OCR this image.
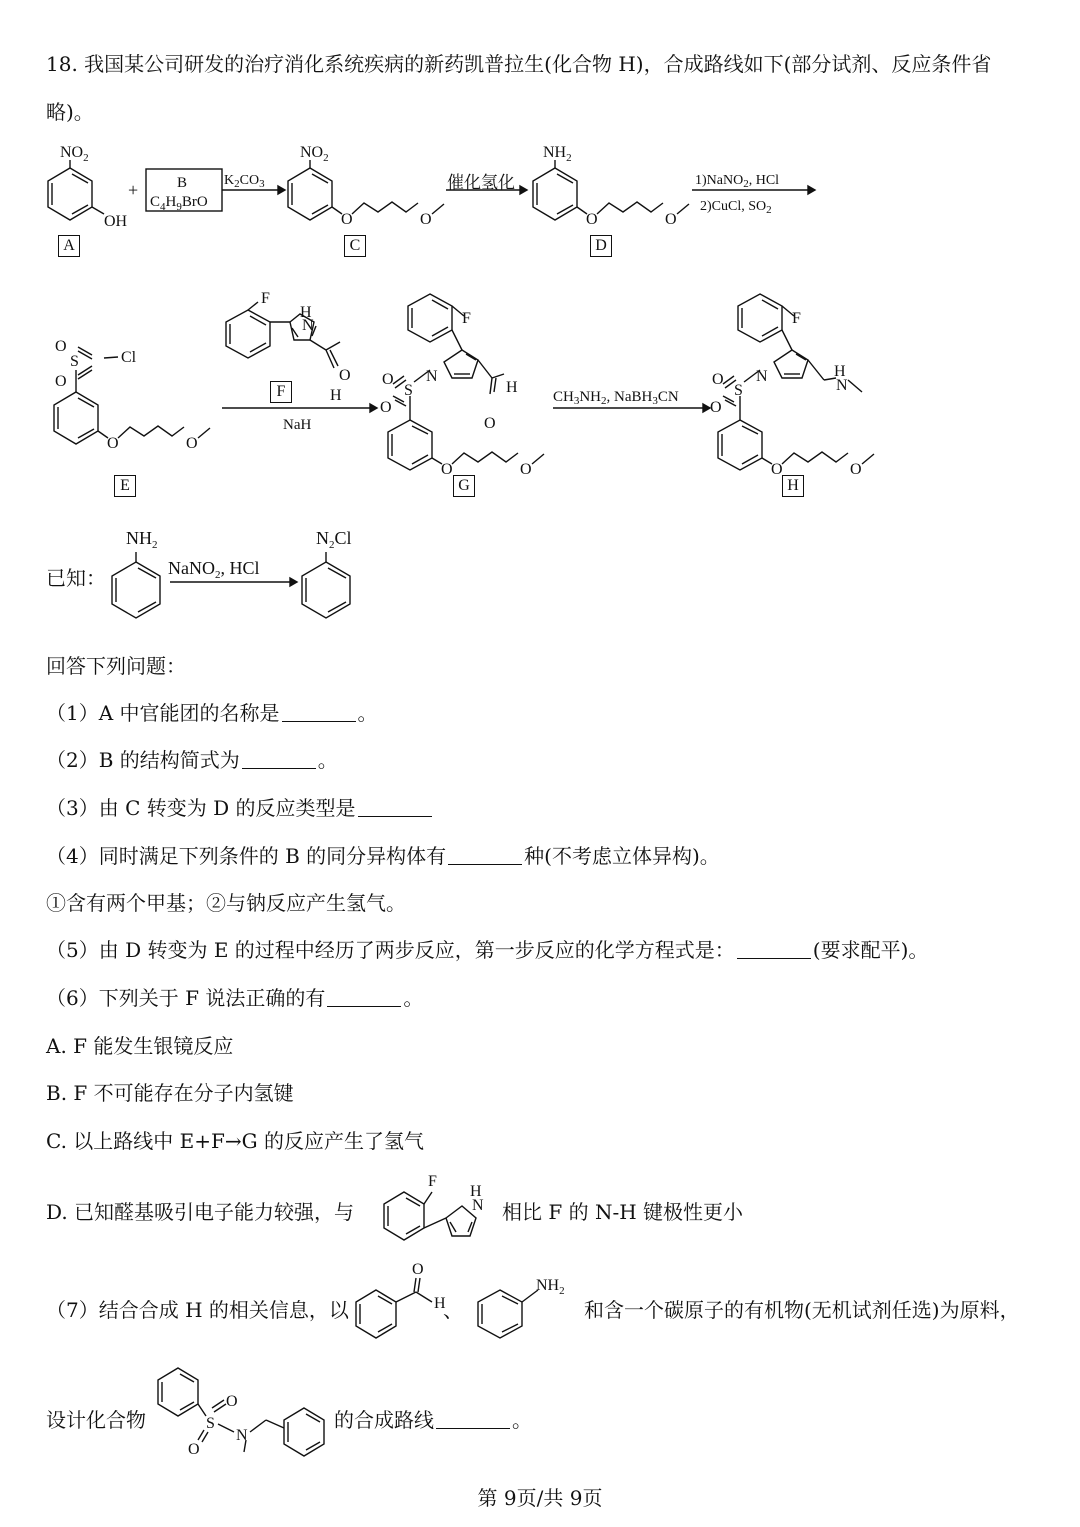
18. 我国某公司研发的治疗消化系统疾病的新药凯普拉生(化合物 H)，合成路线如下(部分试剂、反应条件省
略)。
$NO_2$
OH
+	B
$C_4H_9BrO$
$K_2CO_3$
$NO_2$
O	O
$NH_2$
O	O
1)NaNO$_2$, HCl
2)CuCl, $SO_2$
O
S	Cl
O
O	O
F
H
N
O
H
NaH
F
N
S
O
O
H
O
O	O
$CH_3NH_2$, NaBH$_3$CN
F
N
S
O
O
H
N
O	O
A	C	D
E
F
G	H
催化氢化
已知：
$NH_2$
NaNO$_2$, HCl
$N_2Cl$
回答下列问题：
（1）A 中官能团的名称是	。
（2）B 的结构简式为	。
（3）由 C 转变为 D 的反应类型是
（4）同时满足下列条件的 B 的同分异构体有	种(不考虑立体异构)。
①含有两个甲基；②与钠反应产生氢气。
（5）由 D 转变为 E 的过程中经历了两步反应，第一步反应的化学方程式是：	(要求配平)。
（6）下列关于 F 说法正确的有	。
A. F 能发生银镜反应
B. F 不可能存在分子内氢键
C. 以上路线中 E+F→G 的反应产生了氢气
D. 已知醛基吸引电子能力较强，与
F
H
N 相比 F 的 N-H 键极性更小
（7）结合合成 H 的相关信息，以
O
H
$NH_2$
、	和含一个碳原子的有机物(无机试剂任选)为原料，
设计化合物	S
O
O
N
的合成路线	。
第 9页/共 9页
